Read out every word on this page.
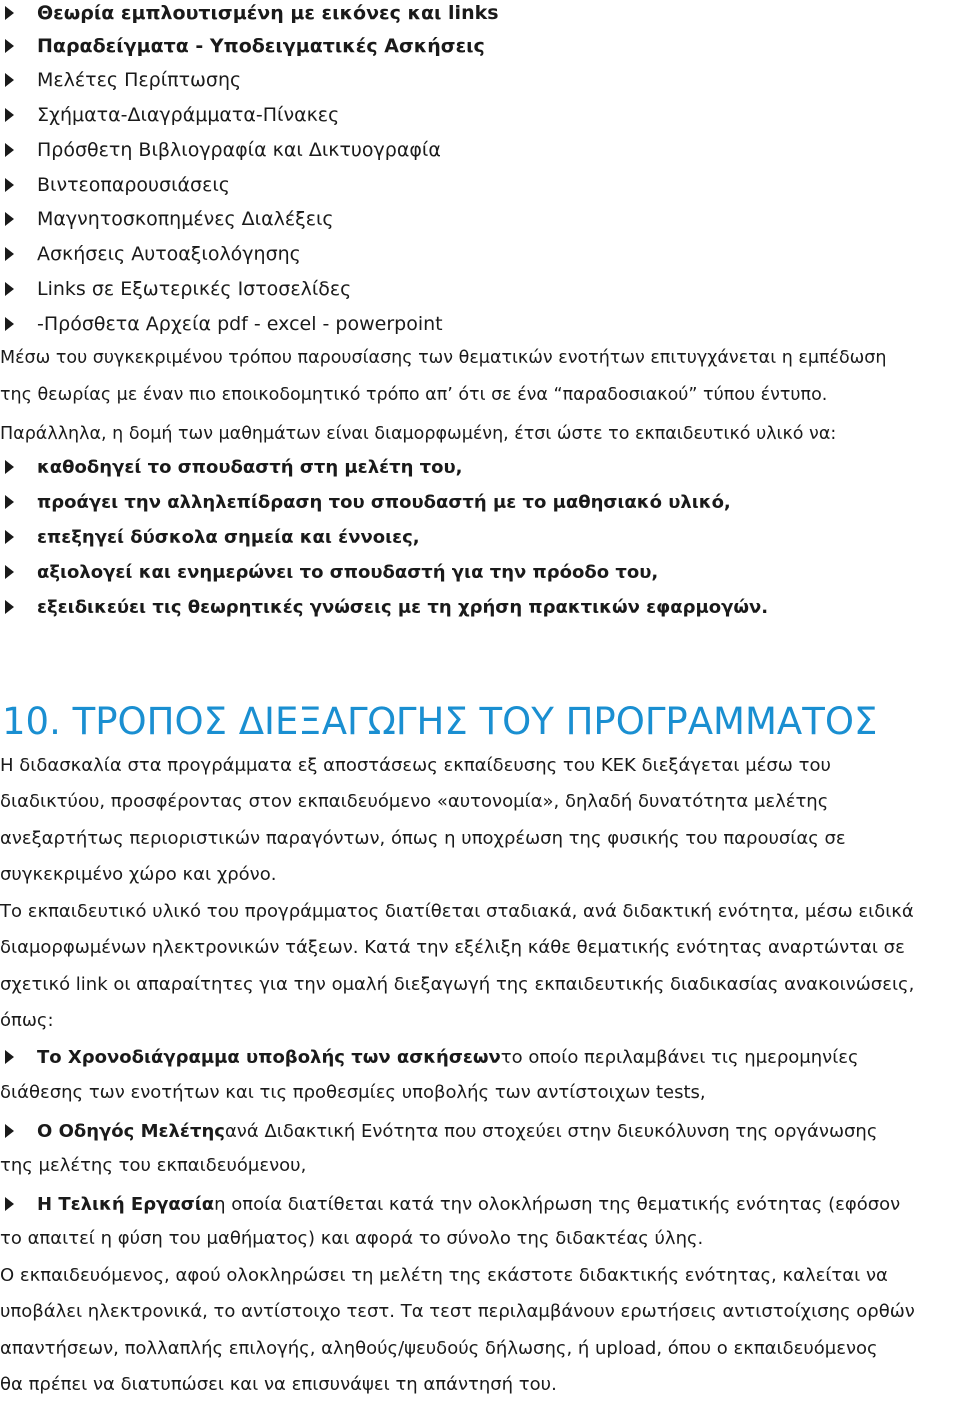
Θεωρία εμπλουτισμένη με εικόνες και links
Παραδείγματα - Υποδειγματικές Ασκήσεις
Μελέτες Περίπτωσης
Σχήματα-Διαγράμματα-Πίνακες
Πρόσθετη Βιβλιογραφία και Δικτυογραφία
Βιντεοπαρουσιάσεις
Μαγνητοσκοπημένες Διαλέξεις
Ασκήσεις Αυτοαξιολόγησης
Links σε Εξωτερικές Ιστοσελίδες
-Πρόσθετα Αρχεία pdf - excel - powerpoint
Μέσω του συγκεκριμένου τρόπου παρουσίασης των θεματικών ενοτήτων επιτυγχάνεται η εμπέδωση
της θεωρίας με έναν πιο εποικοδομητικό τρόπο απ’ ότι σε ένα “παραδοσιακού” τύπου έντυπο.
Παράλληλα, η δομή των μαθημάτων είναι διαμορφωμένη, έτσι ώστε το εκπαιδευτικό υλικό να:
καθοδηγεί το σπουδαστή στη μελέτη του,
προάγει την αλληλεπίδραση του σπουδαστή με το μαθησιακό υλικό,
επεξηγεί δύσκολα σημεία και έννοιες,
αξιολογεί και ενημερώνει το σπουδαστή για την πρόοδο του,
εξειδικεύει τις θεωρητικές γνώσεις με τη χρήση πρακτικών εφαρμογών.
10. ΤΡΟΠΟΣ ΔΙΕΞΑΓΩΓΗΣ ΤΟΥ ΠΡΟΓΡΑΜΜΑΤΟΣ
Η διδασκαλία στα προγράμματα εξ αποστάσεως εκπαίδευσης του ΚΕΚ διεξάγεται μέσω του
διαδικτύου, προσφέροντας στον εκπαιδευόμενο «αυτονομία», δηλαδή δυνατότητα μελέτης
ανεξαρτήτως περιοριστικών παραγόντων, όπως η υποχρέωση της φυσικής του παρουσίας σε
συγκεκριμένο χώρο και χρόνο.
Το εκπαιδευτικό υλικό του προγράμματος διατίθεται σταδιακά, ανά διδακτική ενότητα, μέσω ειδικά
διαμορφωμένων ηλεκτρονικών τάξεων. Κατά την εξέλιξη κάθε θεματικής ενότητας αναρτώνται σε
σχετικό link οι απαραίτητες για την ομαλή διεξαγωγή της εκπαιδευτικής διαδικασίας ανακοινώσεις,
όπως:
Το Χρονοδιάγραμμα υποβολής των ασκήσεων το οποίο περιλαμβάνει τις ημερομηνίες
διάθεσης των ενοτήτων και τις προθεσμίες υποβολής των αντίστοιχων tests,
Ο Οδηγός Μελέτης ανά Διδακτική Ενότητα που στοχεύει στην διευκόλυνση της οργάνωσης
της μελέτης του εκπαιδευόμενου,
Η Τελική Εργασία η οποία διατίθεται κατά την ολοκλήρωση της θεματικής ενότητας (εφόσον
το απαιτεί η φύση του μαθήματος) και αφορά το σύνολο της διδακτέας ύλης.
Ο εκπαιδευόμενος, αφού ολοκληρώσει τη μελέτη της εκάστοτε διδακτικής ενότητας, καλείται να
υποβάλει ηλεκτρονικά, το αντίστοιχο τεστ. Τα τεστ περιλαμβάνουν ερωτήσεις αντιστοίχισης ορθών
απαντήσεων, πολλαπλής επιλογής, αληθούς/ψευδούς δήλωσης, ή upload, όπου ο εκπαιδευόμενος
θα πρέπει να διατυπώσει και να επισυνάψει τη απάντησή του.
